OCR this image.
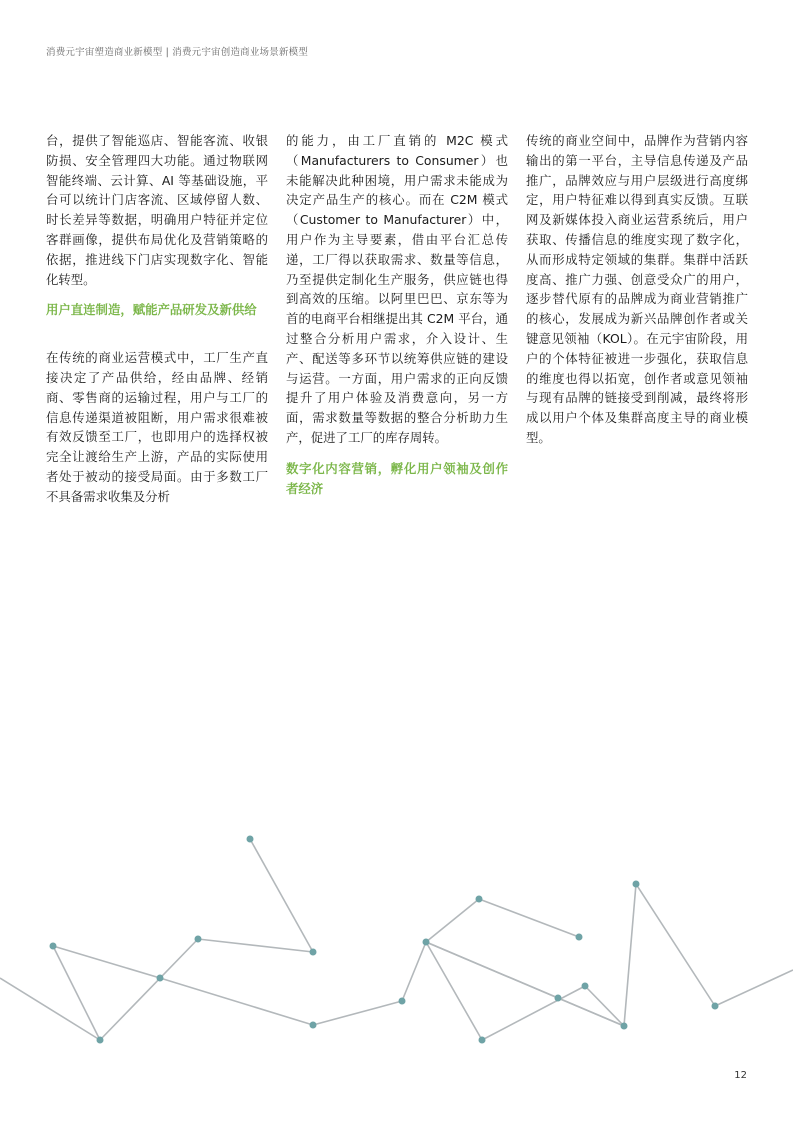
消费元宇宙塑造商业新模型 | 消费元宇宙创造商业场景新模型

台，提供了智能巡店、智能客流、收银防损、安全管理四大功能。通过物联网智能终端、云计算、AI 等基础设施，平台可以统计门店客流、区域停留人数、时长差异等数据，明确用户特征并定位客群画像，提供布局优化及营销策略的依据，推进线下门店实现数字化、智能化转型。

用户直连制造，赋能产品研发及新供给

在传统的商业运营模式中，工厂生产直接决定了产品供给，经由品牌、经销商、零售商的运输过程，用户与工厂的信息传递渠道被阻断，用户需求很难被有效反馈至工厂，也即用户的选择权被完全让渡给生产上游，产品的实际使用者处于被动的接受局面。由于多数工厂不具备需求收集及分析

的能力，由工厂直销的 M2C 模式（Manufacturers to Consumer）也未能解决此种困境，用户需求未能成为决定产品生产的核心。而在 C2M 模式（Customer to Manufacturer）中，用户作为主导要素，借由平台汇总传递，工厂得以获取需求、数量等信息，乃至提供定制化生产服务，供应链也得到高效的压缩。以阿里巴巴、京东等为首的电商平台相继提出其 C2M 平台，通过整合分析用户需求，介入设计、生产、配送等多环节以统筹供应链的建设与运营。一方面，用户需求的正向反馈提升了用户体验及消费意向，另一方面，需求数量等数据的整合分析助力生产，促进了工厂的库存周转。

数字化内容营销，孵化用户领袖及创作者经济

传统的商业空间中，品牌作为营销内容输出的第一平台，主导信息传递及产品推广，品牌效应与用户层级进行高度绑定，用户特征难以得到真实反馈。互联网及新媒体投入商业运营系统后，用户获取、传播信息的维度实现了数字化，从而形成特定领域的集群。集群中活跃度高、推广力强、创意受众广的用户，逐步替代原有的品牌成为商业营销推广的核心，发展成为新兴品牌创作者或关键意见领袖（KOL）。在元宇宙阶段，用户的个体特征被进一步强化，获取信息的维度也得以拓宽，创作者或意见领袖与现有品牌的链接受到削减，最终将形成以用户个体及集群高度主导的商业模型。

12
